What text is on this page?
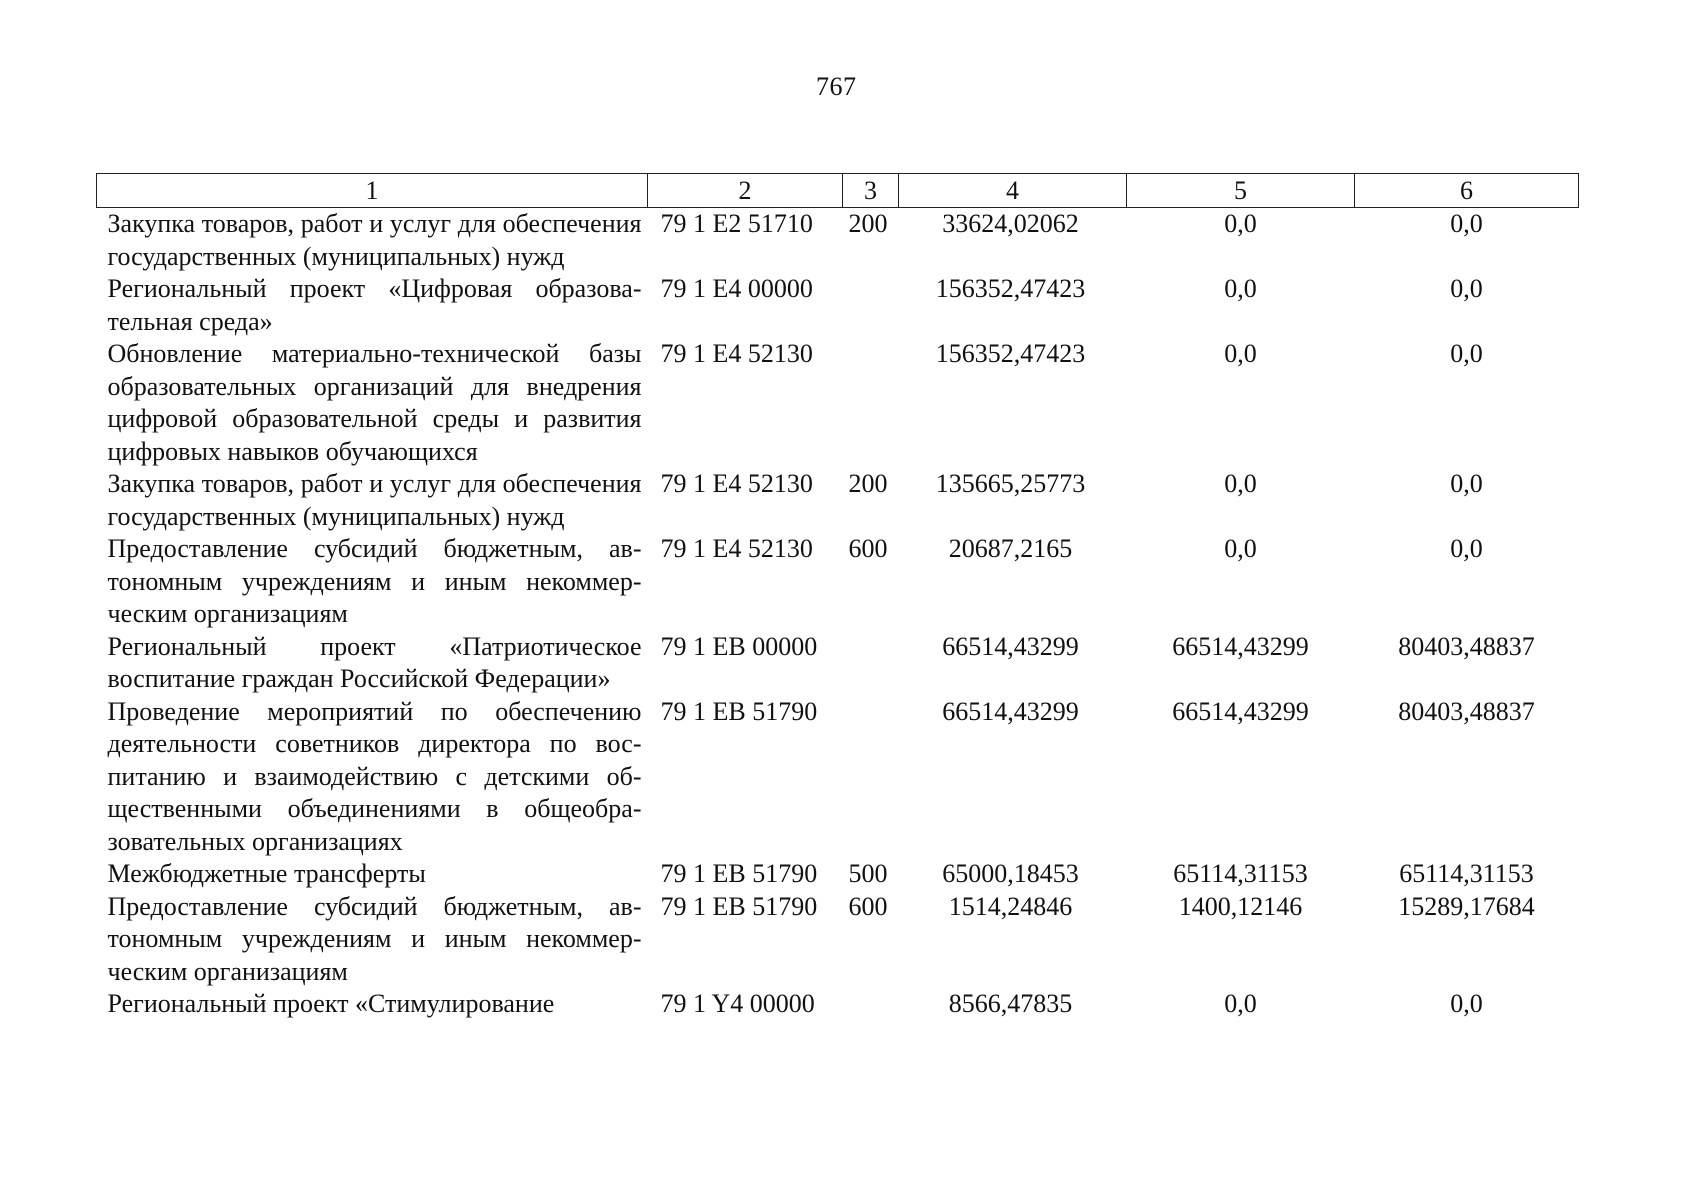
767
1	2	3	4	5	6
Закупка товаров, работ и услуг для обеспечения государственных (муниципальных) нужд	79 1 E2 51710	200	33624,02062	0,0	0,0
Региональный проект «Цифровая образовательная среда»	79 1 E4 00000		156352,47423	0,0	0,0
Обновление материально-технической базы образовательных организаций для внедрения цифровой образовательной среды и развития цифровых навыков обучающихся	79 1 E4 52130		156352,47423	0,0	0,0
Закупка товаров, работ и услуг для обеспечения государственных (муниципальных) нужд	79 1 E4 52130	200	135665,25773	0,0	0,0
Предоставление субсидий бюджетным, автономным учреждениям и иным некоммерческим организациям	79 1 E4 52130	600	20687,2165	0,0	0,0
Региональный проект «Патриотическое воспитание граждан Российской Федерации»	79 1 EB 00000		66514,43299	66514,43299	80403,48837
Проведение мероприятий по обеспечению деятельности советников директора по воспитанию и взаимодействию с детскими общественными объединениями в общеобразовательных организациях	79 1 EB 51790		66514,43299	66514,43299	80403,48837
Межбюджетные трансферты	79 1 EB 51790	500	65000,18453	65114,31153	65114,31153
Предоставление субсидий бюджетным, автономным учреждениям и иным некоммерческим организациям	79 1 EB 51790	600	1514,24846	1400,12146	15289,17684
Региональный проект «Стимулирование	79 1 Y4 00000		8566,47835	0,0	0,0
